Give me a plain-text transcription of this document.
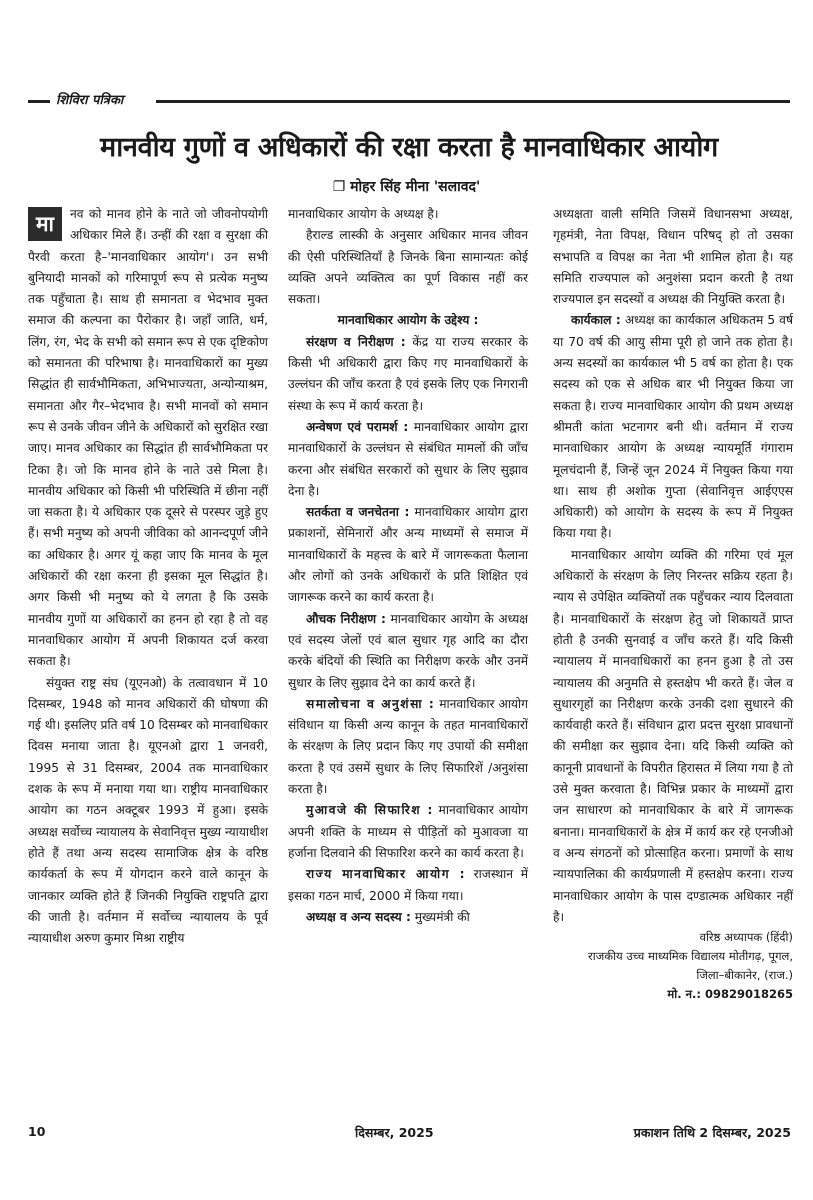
शिविरा पत्रिका
मानवीय गुणों व अधिकारों की रक्षा करता है मानवाधिकार आयोग
❐ मोहर सिंह मीना 'सलावद'

मा	नव को मानव होने के नाते जो जीवनोपयोगी अधिकार मिले हैं। उन्हीं की रक्षा व सुरक्षा की पैरवी करता है–'मानवाधिकार आयोग'। उन सभी बुनियादी मानकों को गरिमापूर्ण रूप से प्रत्येक मनुष्य तक पहुँचाता है। साथ ही समानता व भेदभाव मुक्त समाज की कल्पना का पैरोकार है। जहाँ जाति, धर्म, लिंग, रंग, भेद के सभी को समान रूप से एक दृष्टिकोण को समानता की परिभाषा है। मानवाधिकारों का मुख्य सिद्धांत ही सार्वभौमिकता, अभिभाज्यता, अन्योन्याश्रम, समानता और गैर–भेदभाव है। सभी मानवों को समान रूप से उनके जीवन जीने के अधिकारों को सुरक्षित रखा जाए। मानव अधिकार का सिद्धांत ही सार्वभौमिकता पर टिका है। जो कि मानव होने के नाते उसे मिला है। मानवीय अधिकार को किसी भी परिस्थिति में छीना नहीं जा सकता है। ये अधिकार एक दूसरे से परस्पर जुड़े हुए हैं। सभी मनुष्य को अपनी जीविका को आनन्दपूर्ण जीने का अधिकार है। अगर यूं कहा जाए कि मानव के मूल अधिकारों की रक्षा करना ही इसका मूल सिद्धांत है। अगर किसी भी मनुष्य को ये लगता है कि उसके मानवीय गुणों या अधिकारों का हनन हो रहा है तो वह मानवाधिकार आयोग में अपनी शिकायत दर्ज करवा सकता है।

संयुक्त राष्ट्र संघ (यूएनओ) के तत्वावधान में 10 दिसम्बर, 1948 को मानव अधिकारों की घोषणा की गई थी। इसलिए प्रति वर्ष 10 दिसम्बर को मानवाधिकार दिवस मनाया जाता है। यूएनओ द्वारा 1 जनवरी, 1995 से 31 दिसम्बर, 2004 तक मानवाधिकार दशक के रूप में मनाया गया था। राष्ट्रीय मानवाधिकार आयोग का गठन अक्टूबर 1993 में हुआ। इसके अध्यक्ष सर्वोच्च न्यायालय के सेवानिवृत्त मुख्य न्यायाधीश होते हैं तथा अन्य सदस्य सामाजिक क्षेत्र के वरिष्ठ कार्यकर्ता के रूप में योगदान करने वाले कानून के जानकार व्यक्ति होते हैं जिनकी नियुक्ति राष्ट्रपति द्वारा की जाती है। वर्तमान में सर्वोच्च न्यायालय के पूर्व न्यायाधीश अरुण कुमार मिश्रा राष्ट्रीय

मानवाधिकार आयोग के अध्यक्ष है।

हैराल्ड लास्की के अनुसार अधिकार मानव जीवन की ऐसी परिस्थितियाँ है जिनके बिना सामान्यतः कोई व्यक्ति अपने व्यक्तित्व का पूर्ण विकास नहीं कर सकता।

मानवाधिकार आयोग के उद्देश्य :

संरक्षण व निरीक्षण : केंद्र या राज्य सरकार के किसी भी अधिकारी द्वारा किए गए मानवाधिकारों के उल्लंघन की जाँच करता है एवं इसके लिए एक निगरानी संस्था के रूप में कार्य करता है।

अन्वेषण एवं परामर्श : मानवाधिकार आयोग द्वारा मानवाधिकारों के उल्लंघन से संबंधित मामलों की जाँच करना और संबंधित सरकारों को सुधार के लिए सुझाव देना है।

सतर्कता व जनचेतना : मानवाधिकार आयोग द्वारा प्रकाशनों, सेमिनारों और अन्य माध्यमों से समाज में मानवाधिकारों के महत्त्व के बारे में जागरूकता फैलाना और लोगों को उनके अधिकारों के प्रति शिक्षित एवं जागरूक करने का कार्य करता है।

औचक निरीक्षण : मानवाधिकार आयोग के अध्यक्ष एवं सदस्य जेलों एवं बाल सुधार गृह आदि का दौरा करके बंदियों की स्थिति का निरीक्षण करके और उनमें सुधार के लिए सुझाव देने का कार्य करते हैं।

समालोचना व अनुशंसा : मानवाधिकार आयोग संविधान या किसी अन्य कानून के तहत मानवाधिकारों के संरक्षण के लिए प्रदान किए गए उपायों की समीक्षा करता है एवं उसमें सुधार के लिए सिफारिशें /अनुशंसा करता है।

मुआवजे की सिफारिश : मानवाधिकार आयोग अपनी शक्ति के माध्यम से पीड़ितों को मुआवजा या हर्जाना दिलवाने की सिफारिश करने का कार्य करता है।

राज्य मानवाधिकार आयोग : राजस्थान में इसका गठन मार्च, 2000 में किया गया।

अध्यक्ष व अन्य सदस्य : मुख्यमंत्री की

अध्यक्षता वाली समिति जिसमें विधानसभा अध्यक्ष, गृहमंत्री, नेता विपक्ष, विधान परिषद् हो तो उसका सभापति व विपक्ष का नेता भी शामिल होता है। यह समिति राज्यपाल को अनुशंसा प्रदान करती है तथा राज्यपाल इन सदस्यों व अध्यक्ष की नियुक्ति करता है।

कार्यकाल : अध्यक्ष का कार्यकाल अधिकतम 5 वर्ष या 70 वर्ष की आयु सीमा पूरी हो जाने तक होता है। अन्य सदस्यों का कार्यकाल भी 5 वर्ष का होता है। एक सदस्य को एक से अधिक बार भी नियुक्त किया जा सकता है। राज्य मानवाधिकार आयोग की प्रथम अध्यक्ष श्रीमती कांता भटनागर बनी थी। वर्तमान में राज्य मानवाधिकार आयोग के अध्यक्ष न्यायमूर्ति गंगाराम मूलचंदानी हैं, जिन्हें जून 2024 में नियुक्त किया गया था। साथ ही अशोक गुप्ता (सेवानिवृत्त आईएएस अधिकारी) को आयोग के सदस्य के रूप में नियुक्त किया गया है।

मानवाधिकार आयोग व्यक्ति की गरिमा एवं मूल अधिकारों के संरक्षण के लिए निरन्तर सक्रिय रहता है। न्याय से उपेक्षित व्यक्तियों तक पहुँचकर न्याय दिलवाता है। मानवाधिकारों के संरक्षण हेतु जो शिकायतें प्राप्त होती है उनकी सुनवाई व जाँच करते हैं। यदि किसी न्यायालय में मानवाधिकारों का हनन हुआ है तो उस न्यायालय की अनुमति से हस्तक्षेप भी करते हैं। जेल व सुधारगृहों का निरीक्षण करके उनकी दशा सुधारने की कार्यवाही करते हैं। संविधान द्वारा प्रदत्त सुरक्षा प्रावधानों की समीक्षा कर सुझाव देना। यदि किसी व्यक्ति को कानूनी प्रावधानों के विपरीत हिरासत में लिया गया है तो उसे मुक्त करवाता है। विभिन्न प्रकार के माध्यमों द्वारा जन साधारण को मानवाधिकार के बारे में जागरूक बनाना। मानवाधिकारों के क्षेत्र में कार्य कर रहे एनजीओ व अन्य संगठनों को प्रोत्साहित करना। प्रमाणों के साथ न्यायपालिका की कार्यप्रणाली में हस्तक्षेप करना। राज्य मानवाधिकार आयोग के पास दण्डात्मक अधिकार नहीं है।

वरिष्ठ अध्यापक (हिंदी)
राजकीय उच्च माध्यमिक विद्यालय मोतीगढ़, पूगल,
जिला–बीकानेर, (राज.)
मो. न.: 09829018265
10	दिसम्बर, 2025	प्रकाशन तिथि 2 दिसम्बर, 2025
